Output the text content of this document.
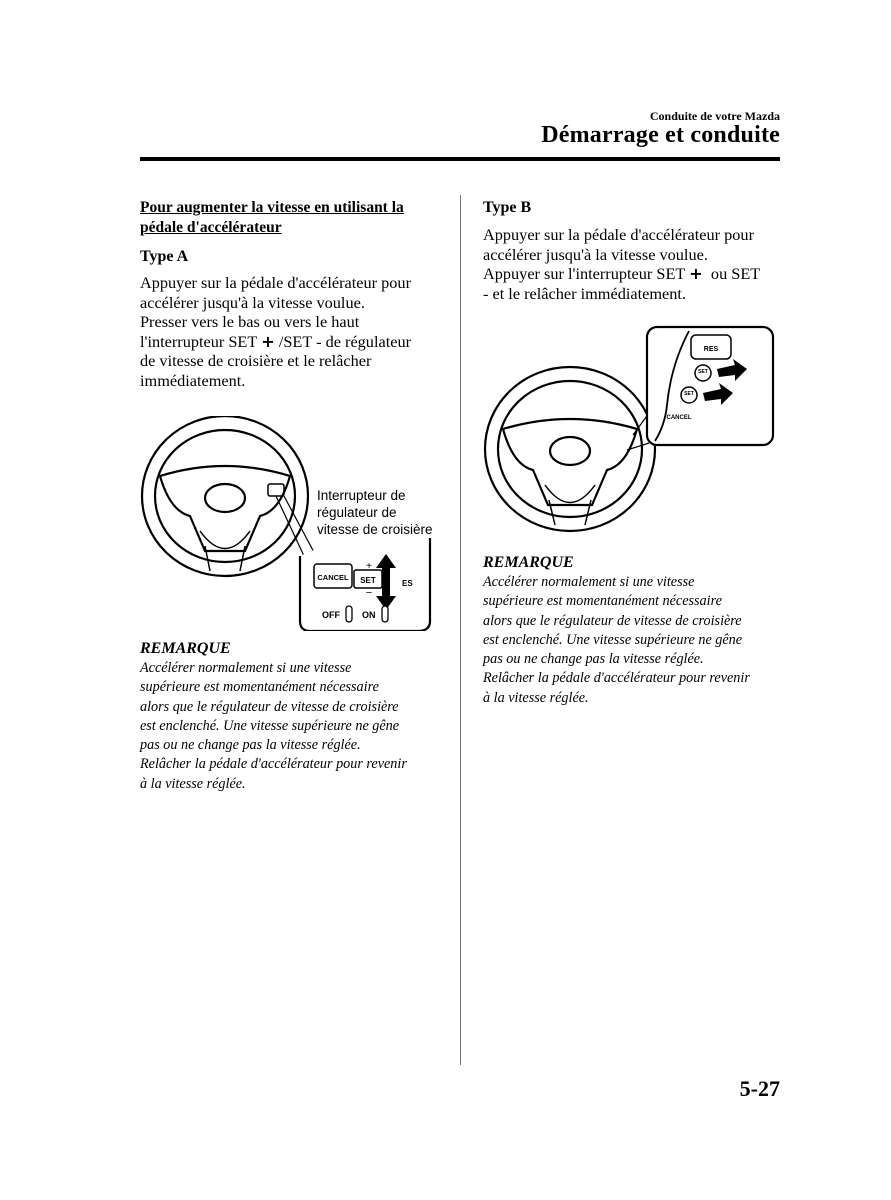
Conduite de votre Mazda
Démarrage et conduite

Pour augmenter la vitesse en utilisant la

pédale d'accélérateur

Type A

Appuyer sur la pédale d'accélérateur pour

accélérer jusqu'à la vitesse voulue.

Presser vers le bas ou vers le haut

l'interrupteur SET + /SET - de régulateur

de vitesse de croisière et le relâcher

immédiatement.

CANCEL SET
+
−
ES
OFF ON
Interrupteur de régulateur de vitesse de croisière

REMARQUE

Accélérer normalement si une vitesse

supérieure est momentanément nécessaire

alors que le régulateur de vitesse de croisière

est enclenché. Une vitesse supérieure ne gêne

pas ou ne change pas la vitesse réglée.

Relâcher la pédale d'accélérateur pour revenir

à la vitesse réglée.

Type B

Appuyer sur la pédale d'accélérateur pour

accélérer jusqu'à la vitesse voulue.

Appuyer sur l'interrupteur SET + ou SET

- et le relâcher immédiatement.

RES
SET
SET
CANCEL

REMARQUE

Accélérer normalement si une vitesse

supérieure est momentanément nécessaire

alors que le régulateur de vitesse de croisière

est enclenché. Une vitesse supérieure ne gêne

pas ou ne change pas la vitesse réglée.

Relâcher la pédale d'accélérateur pour revenir

à la vitesse réglée.

5-27
